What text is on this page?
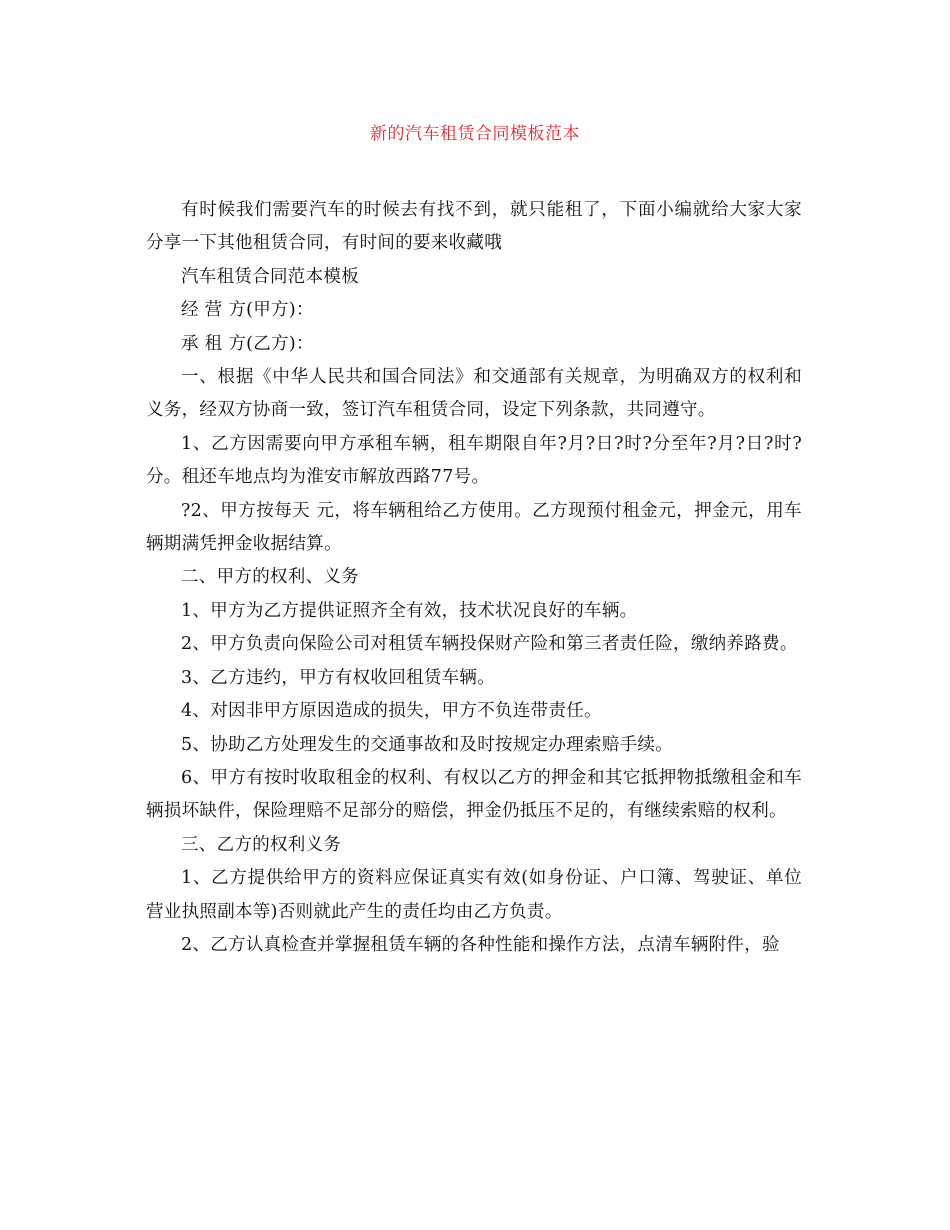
新的汽车租赁合同模板范本

有时候我们需要汽车的时候去有找不到，就只能租了，下面小编就给大家大家分享一下其他租赁合同，有时间的要来收藏哦

汽车租赁合同范本模板

经 营 方(甲方)：

承 租 方(乙方)：

一、根据《中华人民共和国合同法》和交通部有关规章，为明确双方的权利和义务，经双方协商一致，签订汽车租赁合同，设定下列条款，共同遵守。

1、乙方因需要向甲方承租车辆，租车期限自年?月?日?时?分至年?月?日?时?分。租还车地点均为淮安市解放西路77号。

?2、甲方按每天 元，将车辆租给乙方使用。乙方现预付租金元，押金元，用车辆期满凭押金收据结算。

二、甲方的权利、义务

1、甲方为乙方提供证照齐全有效，技术状况良好的车辆。

2、甲方负责向保险公司对租赁车辆投保财产险和第三者责任险，缴纳养路费。

3、乙方违约，甲方有权收回租赁车辆。

4、对因非甲方原因造成的损失，甲方不负连带责任。

5、协助乙方处理发生的交通事故和及时按规定办理索赔手续。

6、甲方有按时收取租金的权利、有权以乙方的押金和其它抵押物抵缴租金和车辆损坏缺件，保险理赔不足部分的赔偿，押金仍抵压不足的，有继续索赔的权利。

三、乙方的权利义务

1、乙方提供给甲方的资料应保证真实有效(如身份证、户口簿、驾驶证、单位营业执照副本等)否则就此产生的责任均由乙方负责。

2、乙方认真检查并掌握租赁车辆的各种性能和操作方法，点清车辆附件，验
